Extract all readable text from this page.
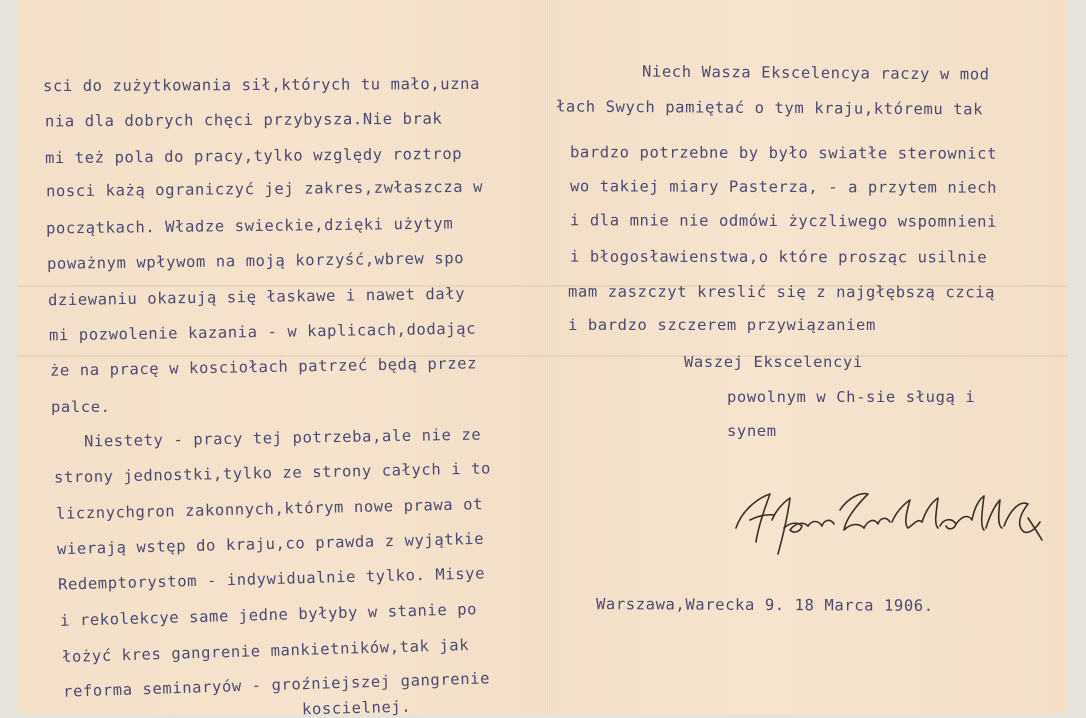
sci do zużytkowania sił,których tu mało,uzna
nia dla dobrych chęci przybysza.Nie brak
mi też pola do pracy,tylko względy roztrop
nosci każą ograniczyć jej zakres,zwłaszcza w
początkach. Władze swieckie,dzięki użytym
poważnym wpływom na moją korzyść,wbrew spo
dziewaniu okazują się łaskawe i nawet dały
mi pozwolenie kazania - w kaplicach,dodając
że na pracę w kosciołach patrzeć będą przez
palce.
Niestety - pracy tej potrzeba,ale nie ze
strony jednostki,tylko ze strony całych i to
licznychgron zakonnych,którym nowe prawa ot
wierają wstęp do kraju,co prawda z wyjątkie
Redemptorystom - indywidualnie tylko. Misye
i rekolekcye same jedne byłyby w stanie po
łożyć kres gangrenie mankietników,tak jak
reforma seminaryów - groźniejszej gangrenie
koscielnej.
Niech Wasza Ekscelencya raczy w mod
łach Swych pamiętać o tym kraju,któremu tak
bardzo potrzebne by było swiatłe sterownict
wo takiej miary Pasterza, - a przytem niech
i dla mnie nie odmówi życzliwego wspomnieni
i błogosławienstwa,o które prosząc usilnie
mam zaszczyt kreslić się z najgłębszą czcią
i bardzo szczerem przywiązaniem
Waszej Ekscelencyi
powolnym w Ch-sie sługą i
synem
Warszawa,Warecka 9. 18 Marca 1906.
